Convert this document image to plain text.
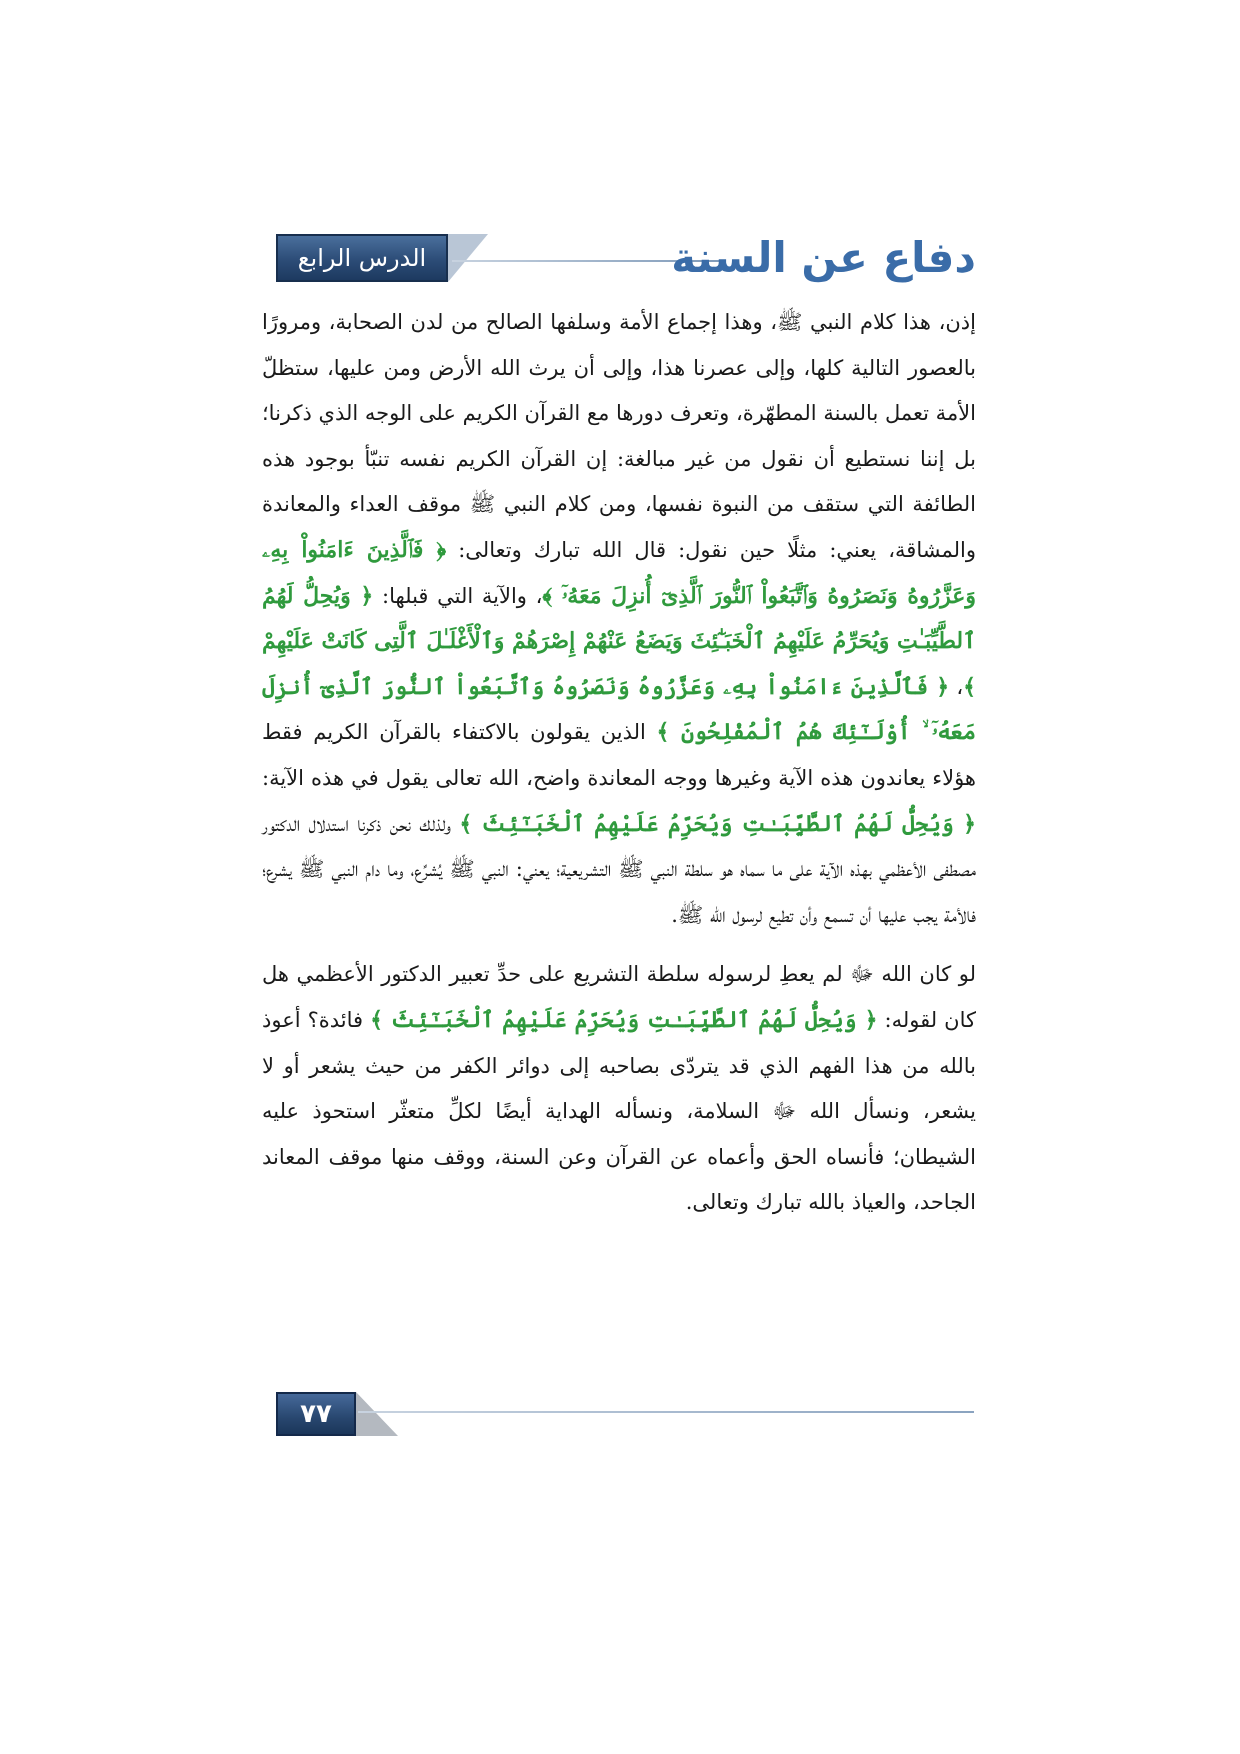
الدرس الرابع	دفاع عن السنة

إذن، هذا كلام النبي ﷺ، وهذا إجماع الأمة وسلفها الصالح من لدن الصحابة، ومرورًا بالعصور التالية كلها، وإلى عصرنا هذا، وإلى أن يرث الله الأرض ومن عليها، ستظلّ الأمة تعمل بالسنة المطهّرة، وتعرف دورها مع القرآن الكريم على الوجه الذي ذكرنا؛ بل إننا نستطيع أن نقول من غير مبالغة: إن القرآن الكريم نفسه تنبّأ بوجود هذه الطائفة التي ستقف من النبوة نفسها، ومن كلام النبي ﷺ موقف العداء والمعاندة والمشاقة، يعني: مثلًا حين نقول: قال الله تبارك وتعالى: ﴿ فَٱلَّذِينَ ءَامَنُواْ بِهِۦ وَعَزَّرُوهُ وَنَصَرُوهُ وَٱتَّبَعُواْ ٱلنُّورَ ٱلَّذِىٓ أُنزِلَ مَعَهُۥٓ ﴾، والآية التي قبلها: ﴿ وَيُحِلُّ لَهُمُ ٱلطَّيِّبَـٰتِ وَيُحَرِّمُ عَلَيْهِمُ ٱلْخَبَـٰٓئِثَ وَيَضَعُ عَنْهُمْ إِصْرَهُمْ وَٱلْأَغْلَـٰلَ ٱلَّتِى كَانَتْ عَلَيْهِمْ ﴾، ﴿ فَٱلَّذِينَ ءَامَنُواْ بِهِۦ وَعَزَّرُوهُ وَنَصَرُوهُ وَٱتَّبَعُواْ ٱلنُّورَ ٱلَّذِىٓ أُنزِلَ مَعَهُۥٓ ۙ أُوْلَـٰٓئِكَ هُمُ ٱلْمُفْلِحُونَ ﴾ الذين يقولون بالاكتفاء بالقرآن الكريم فقط هؤلاء يعاندون هذه الآية وغيرها ووجه المعاندة واضح، الله تعالى يقول في هذه الآية: ﴿ وَيُحِلُّ لَهُمُ ٱلطَّيِّبَـٰتِ وَيُحَرِّمُ عَلَيْهِمُ ٱلْخَبَـٰٓئِثَ ﴾ ولذلك نحن ذكرنا استدلال الدكتور مصطفى الأعظمي بهذه الآية على ما سماه هو سلطة النبي ﷺ التشريعية؛ يعني: النبي ﷺ يُشرِّع، وما دام النبي ﷺ يشرع؛ فالأمة يجب عليها أن تسمع وأن تطيع لرسول الله ﷺ.

لو كان الله ﷻ لم يعطِ لرسوله سلطة التشريع على حدِّ تعبير الدكتور الأعظمي هل كان لقوله: ﴿ وَيُحِلُّ لَهُمُ ٱلطَّيِّبَـٰتِ وَيُحَرِّمُ عَلَيْهِمُ ٱلْخَبَـٰٓئِثَ ﴾ فائدة؟ أعوذ بالله من هذا الفهم الذي قد يتردّى بصاحبه إلى دوائر الكفر من حيث يشعر أو لا يشعر، ونسأل الله ﷻ السلامة، ونسأله الهداية أيضًا لكلِّ متعثّر استحوذ عليه الشيطان؛ فأنساه الحق وأعماه عن القرآن وعن السنة، ووقف منها موقف المعاند الجاحد، والعياذ بالله تبارك وتعالى.

٧٧
